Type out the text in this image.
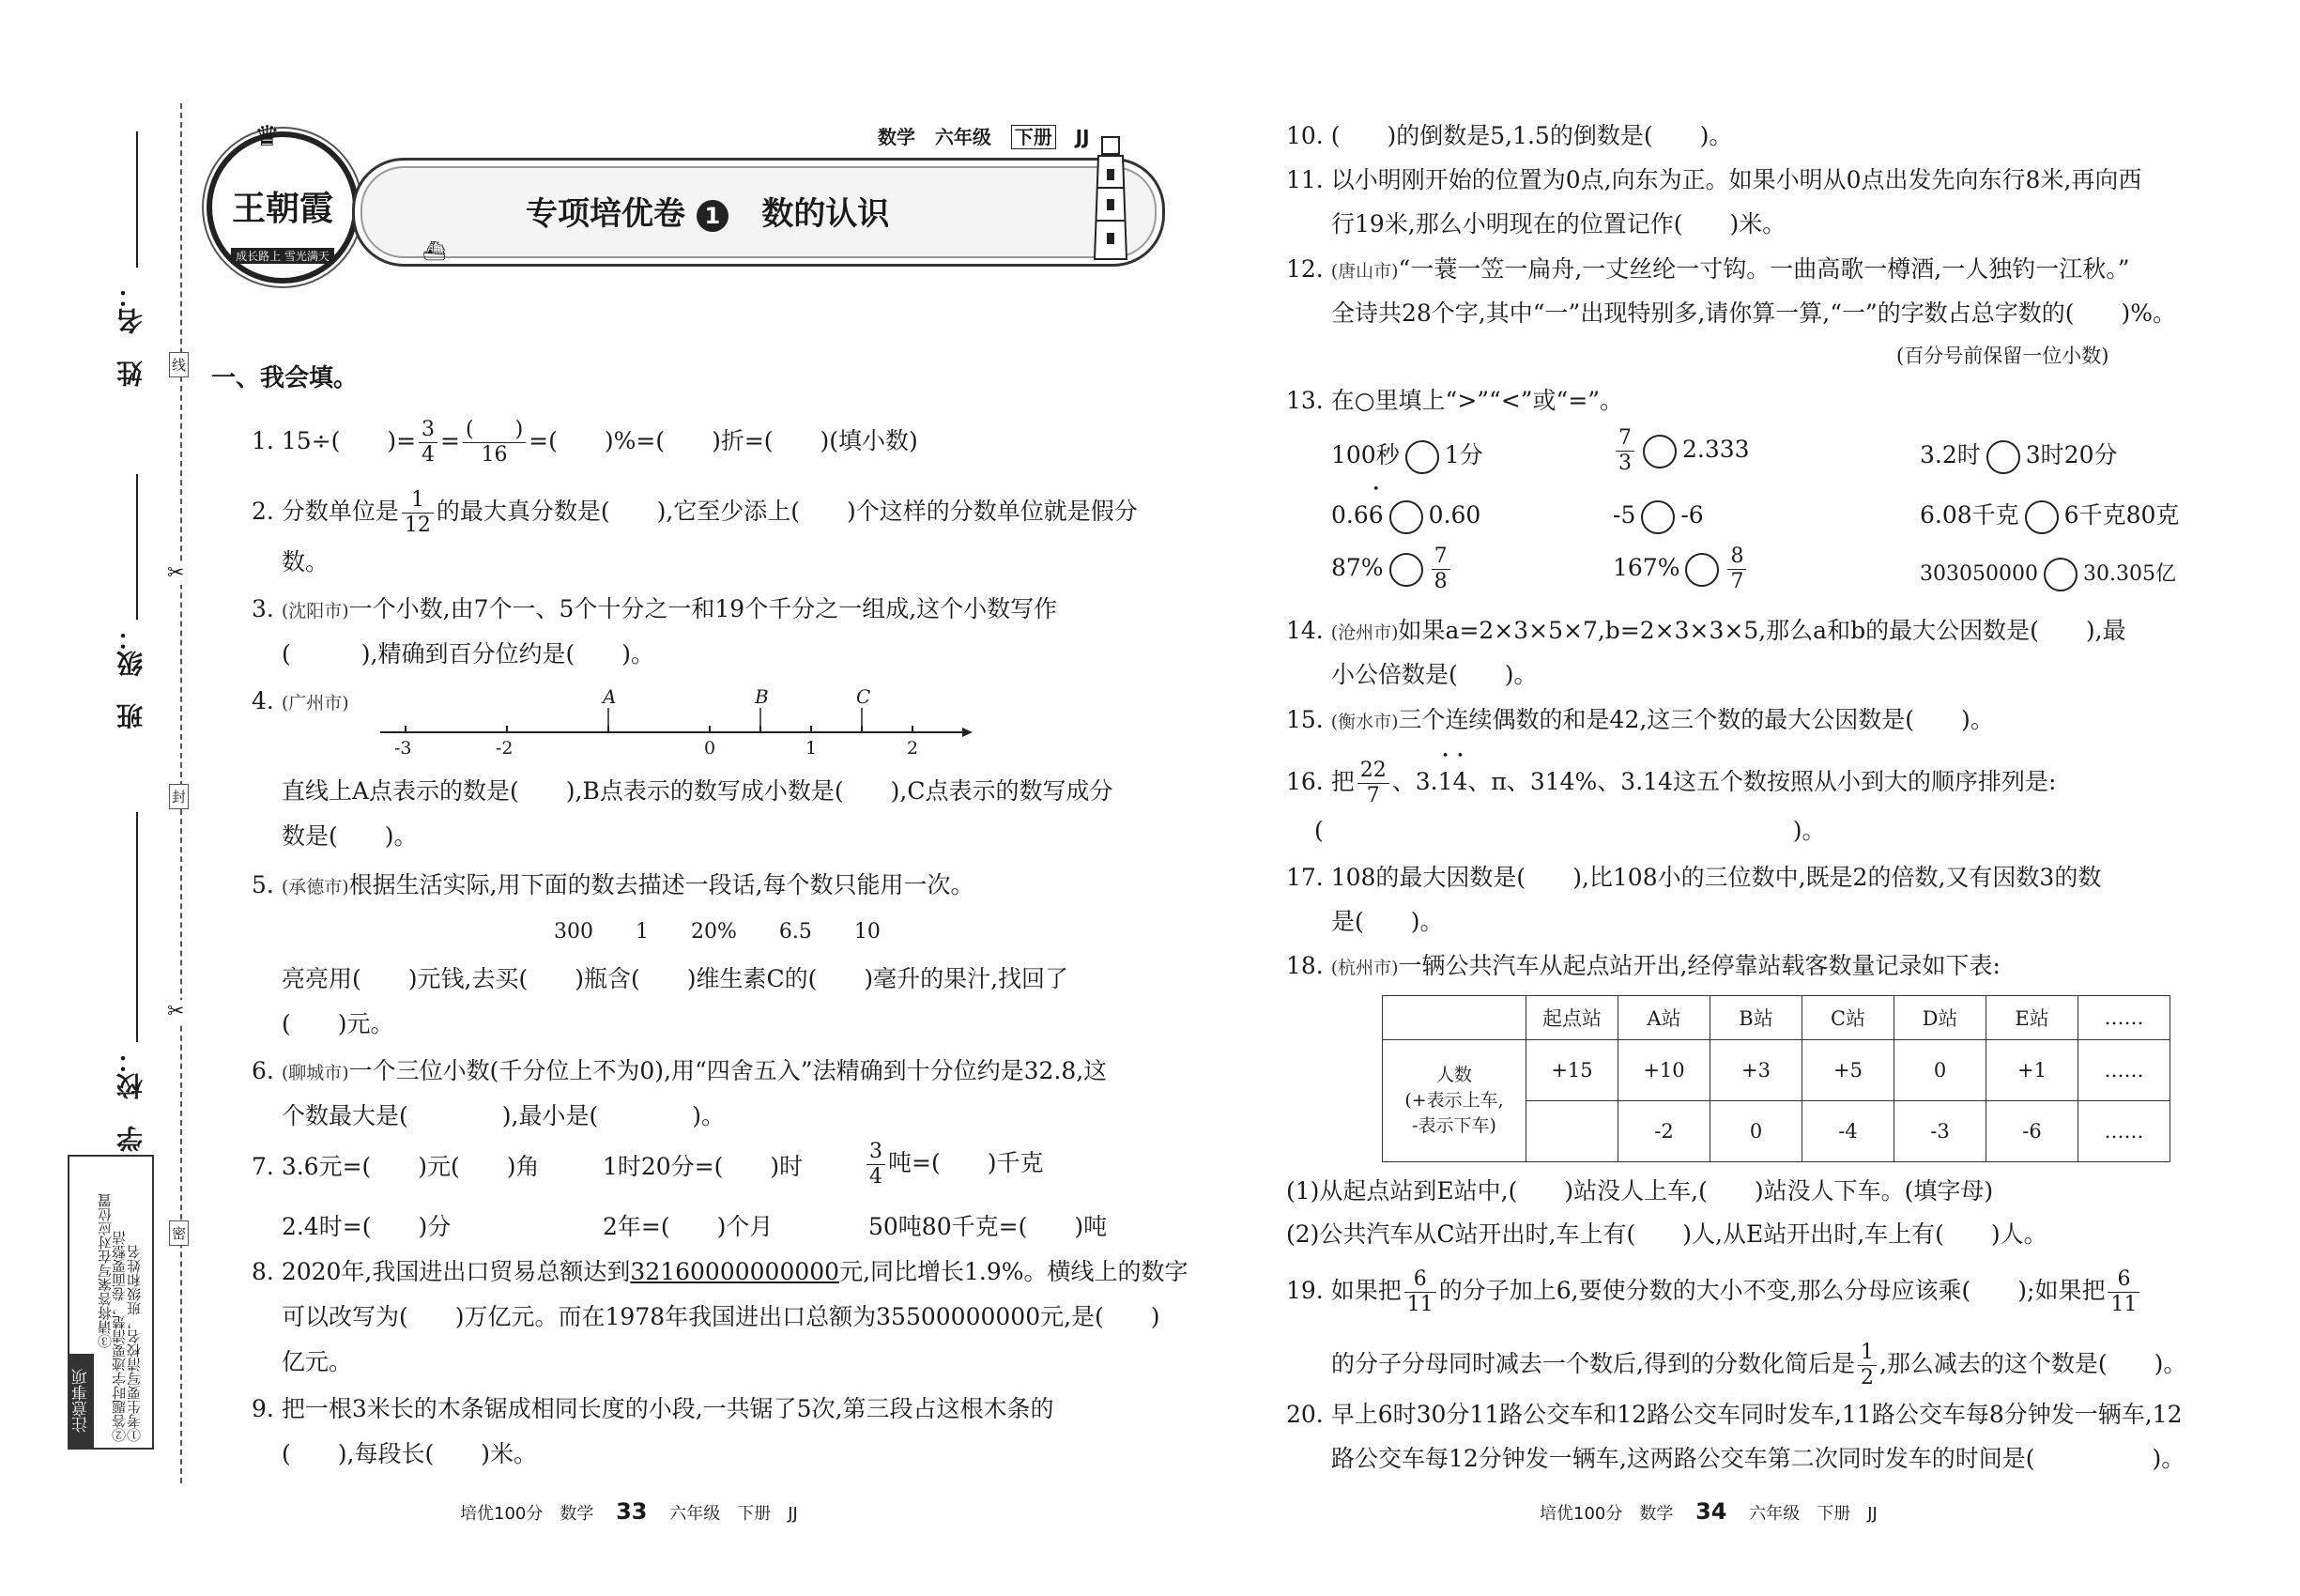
姓　名：
班　级：
学　校：
线
封
密
✂
✂
注意事项 ①考生要写清校名，班级和姓名
②答题时字迹要清楚，卷面要整洁
③请将答案写在对应位置
♛
王朝霞
成长路上 雪光满天
数学 六年级 下册 JJ
专项培优卷 1 数的认识
⛴
一、我会填。
1. 15÷(　　)= $\frac{3}{4} = \frac{( )}{16}$ =(　　)%=(　　)折=(　　)(填小数)
2. 分数单位是 $\frac{1}{12}$ 的最大真分数是(　　),它至少添上(　　)个这样的分数单位就是假分
数。
3. (沈阳市)一个小数,由7个一、5个十分之一和19个千分之一组成,这个小数写作
(　　　),精确到百分位约是(　　)。
4. (广州市)	A	B	C
-3	-2	0	1	2
直线上A点表示的数是(　　),B点表示的数写成小数是(　　),C点表示的数写成分
数是(　　)。
5. (承德市)根据生活实际,用下面的数去描述一段话,每个数只能用一次。
300 1 20% 6.5 10
亮亮用(　　)元钱,去买(　　)瓶含(　　)维生素C的(　　)毫升的果汁,找回了
(　　)元。
6. (聊城市)一个三位小数(千分位上不为0),用“四舍五入”法精确到十分位约是32.8,这
个数最大是(　　　　),最小是(　　　　)。
7. 3.6元=(　　)元(　　)角	1时20分=(　　)时	$\frac{3}{4}$ 吨=(　　)千克
2.4时=(　　)分	2年=(　　)个月	50吨80千克=(　　)吨
8. 2020年,我国进出口贸易总额达到32160000000000元,同比增长1.9%。横线上的数字
可以改写为(　　)万亿元。而在1978年我国进出口总额为35500000000元,是(　　)
亿元。
9. 把一根3米长的木条锯成相同长度的小段,一共锯了5次,第三段占这根木条的
(　　),每段长(　　)米。
10. (　　)的倒数是5,1.5的倒数是(　　)。
11. 以小明刚开始的位置为0点,向东为正。如果小明从0点出发先向东行8米,再向西
行19米,那么小明现在的位置记作(　　)米。
12. (唐山市)“一蓑一笠一扁舟,一丈丝纶一寸钩。一曲高歌一樽酒,一人独钓一江秋。”
全诗共28个字,其中“一”出现特别多,请你算一算,“一”的字数占总字数的(　　)%。
(百分号前保留一位小数)
13. 在○里填上“>”“<”或“=”。
100秒 1分	$\frac{7}{3} 2.333$	3.2时 3时20分
0.6• 6 0.60	-5 -6	6.08千克 6千克80克
$87\% \frac{7}{8}$	$167\% \frac{8}{7}$	303050000 30.305亿
14. (沧州市)如果a=2×3×5×7,b=2×3×3×5,那么a和b的最大公因数是(　　),最
小公倍数是(　　)。
15. (衡水市)三个连续偶数的和是42,这三个数的最大公因数是(　　)。
16. 把 $\frac{22}{7}$ 、3.• 1• 4、π、314%、3.14这五个数按照从小到大的顺序排列是:
(　　　　　　　　　　　　　　　　　　　　)。
17. 108的最大因数是(　　),比108小的三位数中,既是2的倍数,又有因数3的数
是(　　)。
18. (杭州市)一辆公共汽车从起点站开出,经停靠站载客数量记录如下表:
	起点站	A站	B站	C站	D站	E站	……

人数
(+表示上车,
-表示下车)	+15	+10	+3	+5	0	+1	……
		-2	0	-4	-3	-6	……
(1)从起点站到E站中,(　　)站没人上车,(　　)站没人下车。(填字母)
(2)公共汽车从C站开出时,车上有(　　)人,从E站开出时,车上有(　　)人。
19. 如果把 $\frac{6}{11}$ 的分子加上6,要使分数的大小不变,那么分母应该乘(　　);如果把 $\frac{6}{11}$
的分子分母同时减去一个数后,得到的分数化简后是 $\frac{1}{2}$ ,那么减去的这个数是(　　)。
20. 早上6时30分11路公交车和12路公交车同时发车,11路公交车每8分钟发一辆车,12
路公交车每12分钟发一辆车,这两路公交车第二次同时发车的时间是(　　　　　)。
培优100分　数学 33 六年级　下册　JJ	培优100分　数学 34 六年级　下册　JJ
